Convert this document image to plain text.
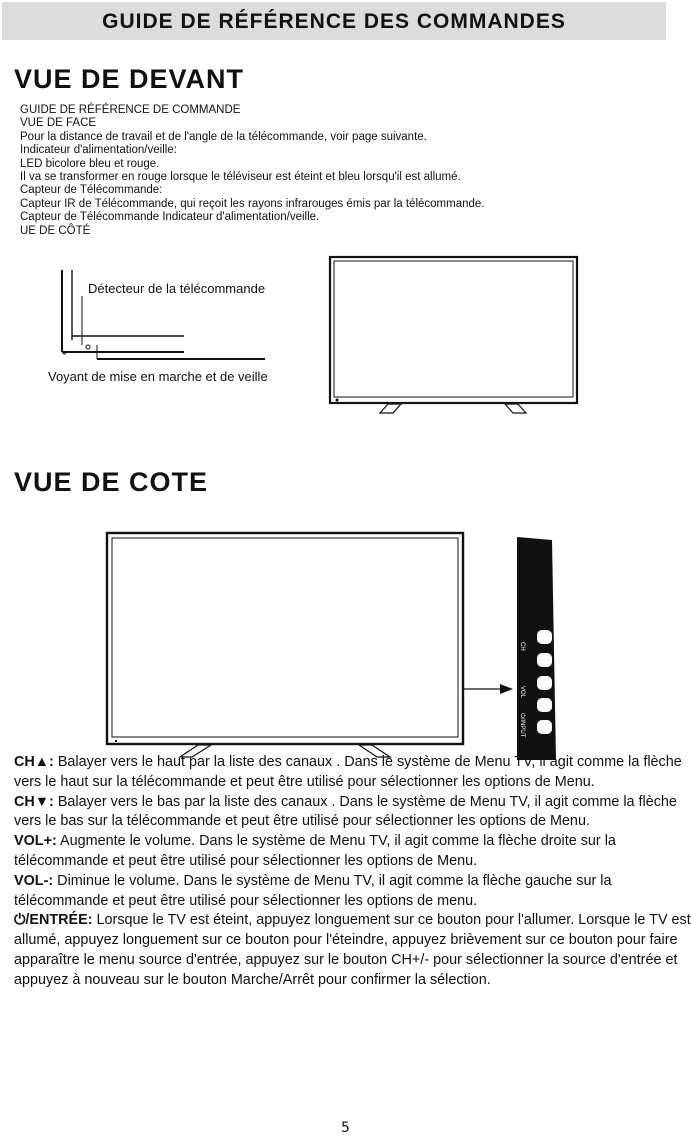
GUIDE DE RÉFÉRENCE DES COMMANDES
VUE DE DEVANT
GUIDE DE RÉFÉRENCE DE COMMANDE
VUE DE FACE
Pour la distance de travail et de l'angle de la télécommande, voir page suivante.
Indicateur d'alimentation/veille:
LED bicolore bleu et rouge.
Il va se transformer en rouge lorsque le téléviseur est éteint et bleu lorsqu'il est allumé.
Capteur de Télécommande:
Capteur IR de Télécommande, qui reçoit les rayons infrarouges émis par la télécommande.
Capteur de Télécommande Indicateur d'alimentation/veille.
UE DE CÔTÉ
Détecteur de la télécommande
Voyant de mise en marche et de veille
VUE DE COTE
CH
VOL
⏻/INPUT

CH▲: Balayer vers le haut par la liste des canaux . Dans le système de Menu TV, il agit comme la flèche vers le haut sur la télécommande et peut être utilisé pour sélectionner les options de Menu.

CH▼: Balayer vers le bas par la liste des canaux . Dans le système de Menu TV, il agit comme la flèche vers le bas sur la télécommande et peut être utilisé pour sélectionner les options de Menu.

VOL+: Augmente le volume. Dans le système de Menu TV, il agit comme la flèche droite sur la télécommande et peut être utilisé pour sélectionner les options de Menu.

VOL-: Diminue le volume. Dans le système de Menu TV, il agit comme la flèche gauche sur la télécommande et peut être utilisé pour sélectionner les options de menu.

⏻/ENTRÉE: Lorsque le TV est éteint, appuyez longuement sur ce bouton pour l'allumer. Lorsque le TV est allumé, appuyez longuement sur ce bouton pour l'éteindre, appuyez brièvement sur ce bouton pour faire apparaître le menu source d'entrée, appuyez sur le bouton CH+/- pour sélectionner la source d'entrée et appuyez à nouveau sur le bouton Marche/Arrêt pour confirmer la sélection.

5
